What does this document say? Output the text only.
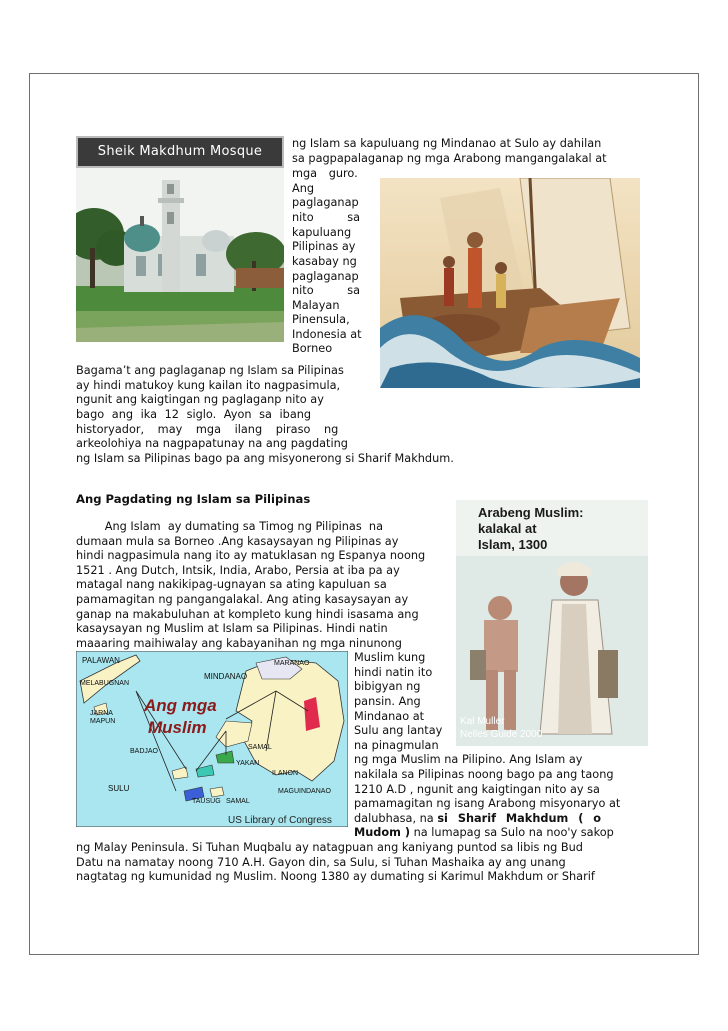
Sheik Makdhum Mosque

ng Islam sa kapuluang ng Mindanao at Sulo ay dahilan

sa pagpapalaganap ng mga Arabong mangangalakal at

mga guro.

Ang

paglaganap

nito sa

kapuluang

Pilipinas ay

kasabay ng

paglaganap

nito sa

Malayan

Pinensula,

Indonesia at

Borneo

Bagama’t ang paglaganap ng Islam sa Pilipinas

ay hindi matukoy kung kailan ito nagpasimula,

ngunit ang kaigtingan ng paglaganp nito ay

bago ang ika 12 siglo. Ayon sa ibang

historyador, may mga ilang piraso ng

arkeolohiya na nagpapatunay na ang pagdating

ng Islam sa Pilipinas bago pa ang misyonerong si Sharif Makhdum.

Ang Pagdating ng Islam sa Pilipinas

Arabeng Muslim:
kalakal at
Islam, 1300
Kal Muller
Nelles Guide 2000

Ang Islam  ay dumating sa Timog ng Pilipinas  na

dumaan mula sa Borneo .Ang kasaysayan ng Pilipinas ay

hindi nagpasimula nang ito ay matuklasan ng Espanya noong

1521 . Ang Dutch, Intsik, India, Arabo, Persia at iba pa ay

matagal nang nakikipag-ugnayan sa ating kapuluan sa

pamamagitan ng pangangalakal. Ang ating kasaysayan ay

ganap na makabuluhan at kompleto kung hindi isasama ang

kasaysayan ng Muslim at Islam sa Pilipinas. Hindi natin

maaaring maihiwalay ang kabayanihan ng mga ninunong

Ang mga
Muslim
PALAWAN	MARANAO
MINDANAO
MELABUGNAN
JARNA
MAPUN
BADJAO
SULU
SAMAL
YAKAN
ILANON
MAGUINDANAO
TAUSUG SAMAL
US Library of Congress

Muslim kung

hindi natin ito

bibigyan ng

pansin. Ang

Mindanao at

Sulu ang lantay

na pinagmulan

ng mga Muslim na Pilipino. Ang Islam ay

nakilala sa Pilipinas noong bago pa ang taong

1210 A.D , ngunit ang kaigtingan nito ay sa

pamamagitan ng isang Arabong misyonaryo at

dalubhasa, na si Sharif Makhdum ( o

Mudom ) na lumapag sa Sulo na noo'y sakop

ng Malay Peninsula. Si Tuhan Muqbalu ay natagpuan ang kaniyang puntod sa libis ng Bud

Datu na namatay noong 710 A.H. Gayon din, sa Sulu, si Tuhan Mashaika ay ang unang

nagtatag ng kumunidad ng Muslim. Noong 1380 ay dumating si Karimul Makhdum or Sharif
